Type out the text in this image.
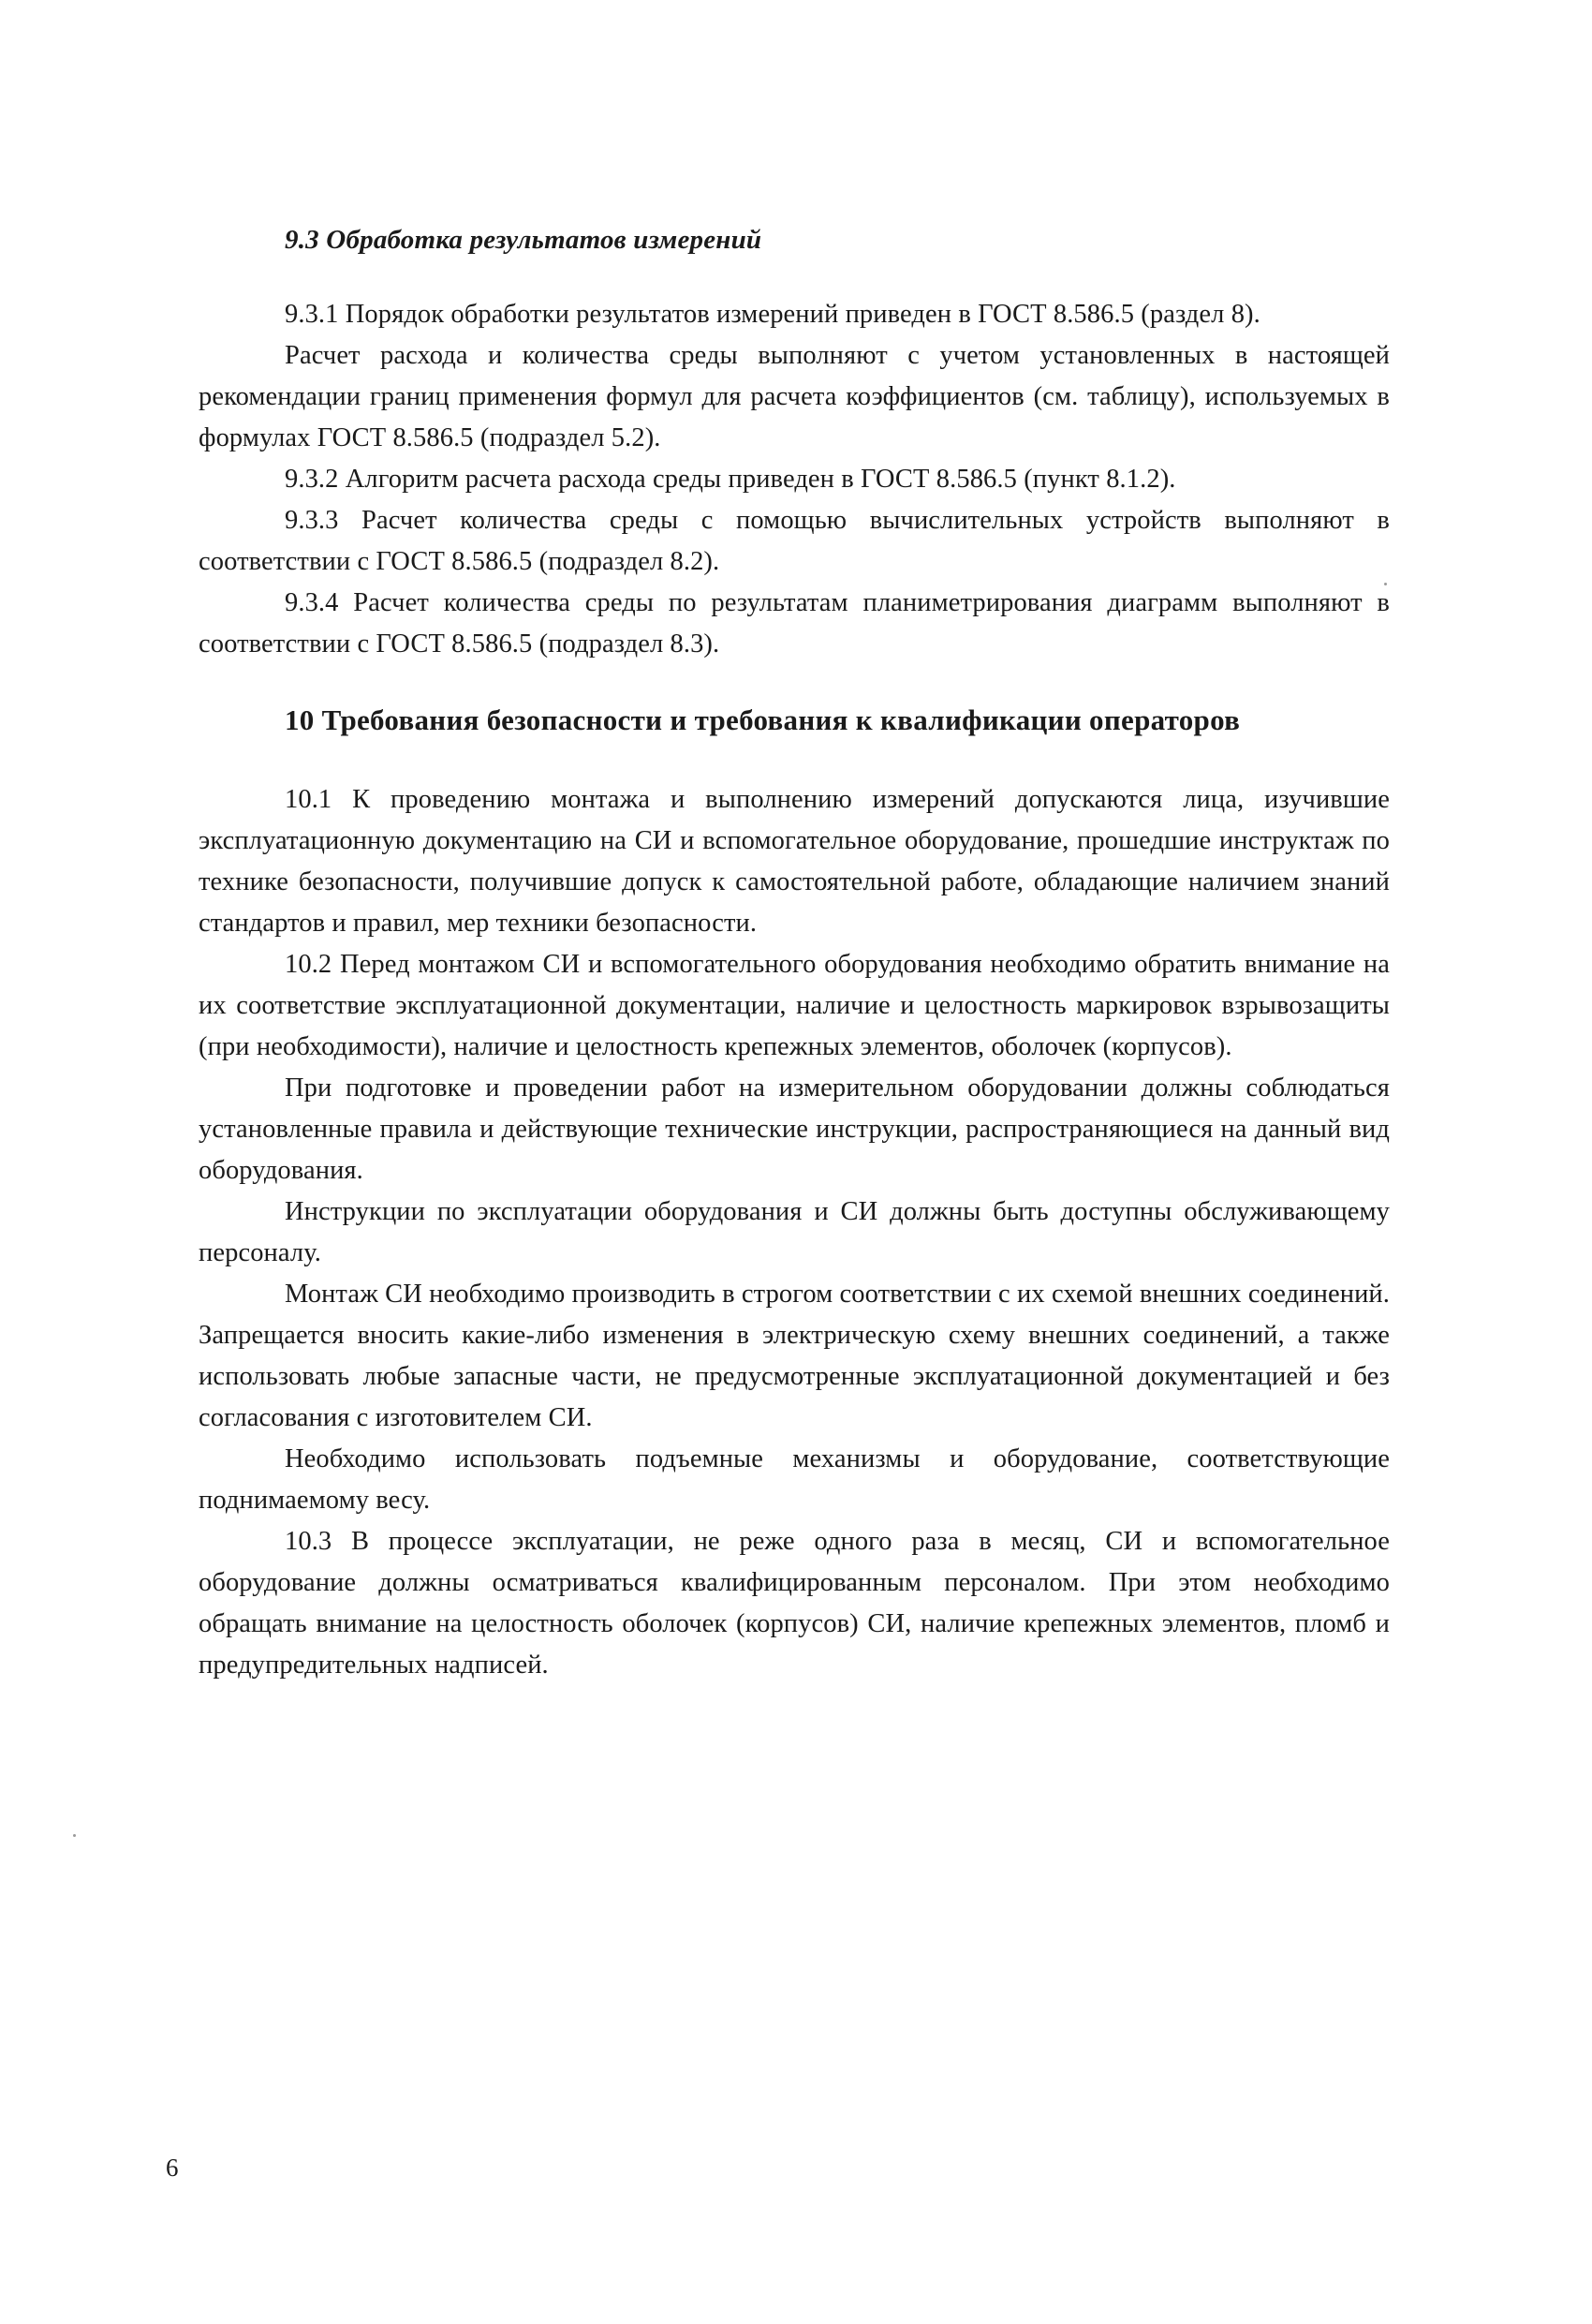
9.3 Обработка результатов измерений

9.3.1 Порядок обработки результатов измерений приведен в ГОСТ 8.586.5 (раздел 8).

Расчет расхода и количества среды выполняют с учетом установленных в настоящей рекомендации границ применения формул для расчета коэффициентов (см. таблицу), используемых в формулах ГОСТ 8.586.5 (подраздел 5.2).

9.3.2 Алгоритм расчета расхода среды приведен в ГОСТ 8.586.5 (пункт 8.1.2).

9.3.3 Расчет количества среды с помощью вычислительных устройств выполняют в соответствии с ГОСТ 8.586.5 (подраздел 8.2).

9.3.4 Расчет количества среды по результатам планиметрирования диаграмм выполняют в соответствии с ГОСТ 8.586.5 (подраздел 8.3).

10 Требования безопасности и требования к квалификации операторов

10.1 К проведению монтажа и выполнению измерений допускаются лица, изучившие эксплуатационную документацию на СИ и вспомогательное оборудование, прошедшие инструктаж по технике безопасности, получившие допуск к самостоятельной работе, обладающие наличием знаний стандартов и правил, мер техники безопасности.

10.2 Перед монтажом СИ и вспомогательного оборудования необходимо обратить внимание на их соответствие эксплуатационной документации, наличие и целостность маркировок взрывозащиты (при необходимости), наличие и целостность крепежных элементов, оболочек (корпусов).

При подготовке и проведении работ на измерительном оборудовании должны соблюдаться установленные правила и действующие технические инструкции, распространяющиеся на данный вид оборудования.

Инструкции по эксплуатации оборудования и СИ должны быть доступны обслуживающему персоналу.

Монтаж СИ необходимо производить в строгом соответствии с их схемой внешних соединений. Запрещается вносить какие-либо изменения в электрическую схему внешних соединений, а также использовать любые запасные части, не предусмотренные эксплуатационной документацией и без согласования с изготовителем СИ.

Необходимо использовать подъемные механизмы и оборудование, соответствующие поднимаемому весу.

10.3 В процессе эксплуатации, не реже одного раза в месяц, СИ и вспомогательное оборудование должны осматриваться квалифицированным персоналом. При этом необходимо обращать внимание на целостность оболочек (корпусов) СИ, наличие крепежных элементов, пломб и предупредительных надписей.

6
